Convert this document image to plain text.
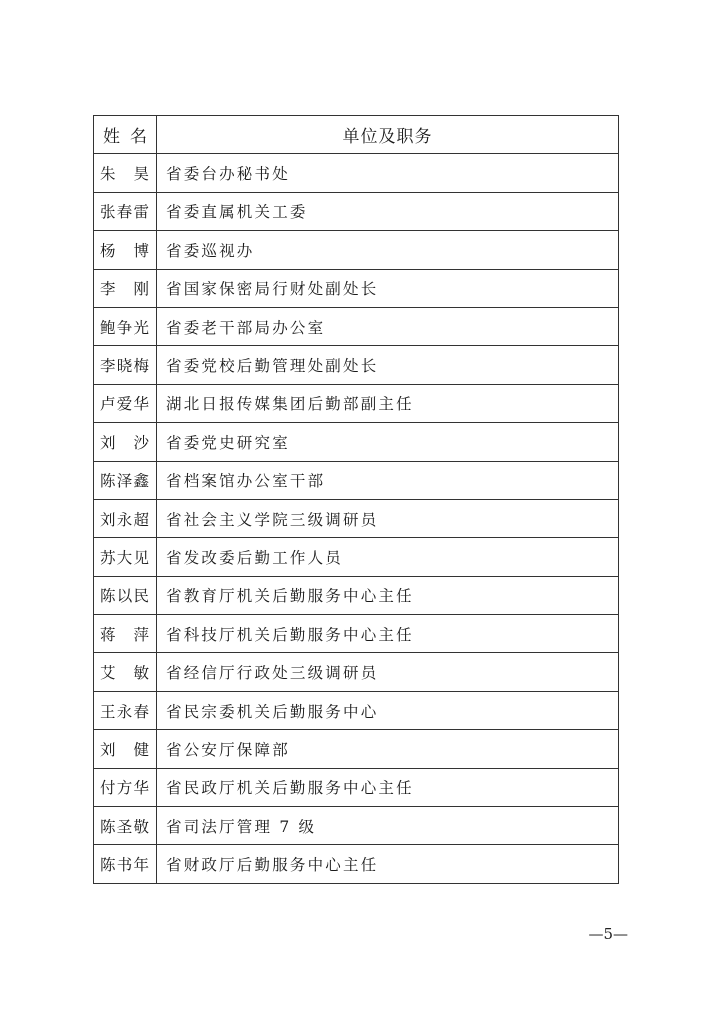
姓 名	单位及职务
朱 昊	省委台办秘书处
张春雷	省委直属机关工委
杨 博	省委巡视办
李 刚	省国家保密局行财处副处长
鲍争光	省委老干部局办公室
李晓梅	省委党校后勤管理处副处长
卢爱华	湖北日报传媒集团后勤部副主任
刘 沙	省委党史研究室
陈泽鑫	省档案馆办公室干部
刘永超	省社会主义学院三级调研员
苏大见	省发改委后勤工作人员
陈以民	省教育厅机关后勤服务中心主任
蒋 萍	省科技厅机关后勤服务中心主任
艾 敏	省经信厅行政处三级调研员
王永春	省民宗委机关后勤服务中心
刘 健	省公安厅保障部
付方华	省民政厅机关后勤服务中心主任
陈圣敬	省司法厅管理 7 级
陈书年	省财政厅后勤服务中心主任
—5—
